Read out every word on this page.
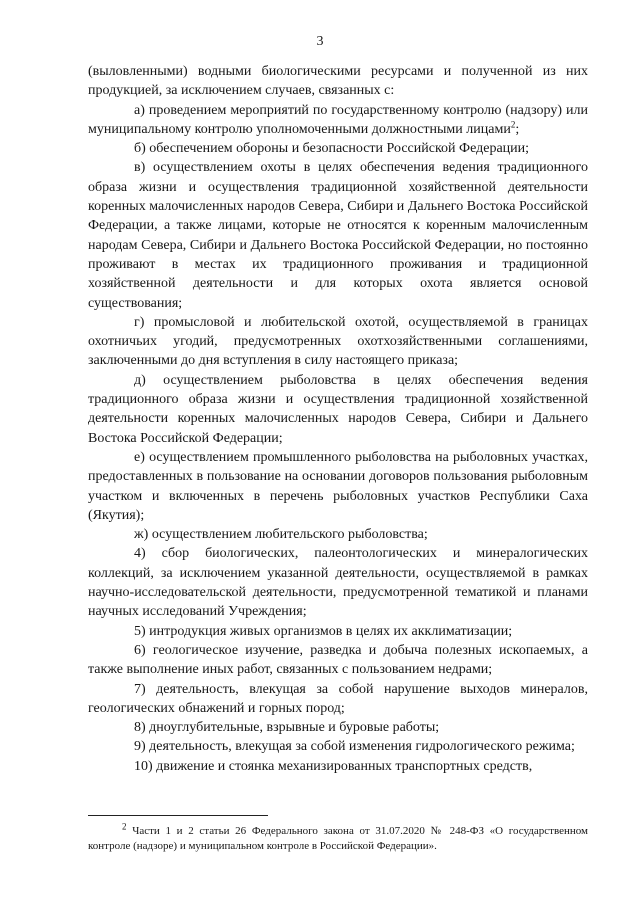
3

(выловленными) водными биологическими ресурсами и полученной из них продукцией, за исключением случаев, связанных с:

а) проведением мероприятий по государственному контролю (надзору) или муниципальному контролю уполномоченными должностными лицами$^2$;

б) обеспечением обороны и безопасности Российской Федерации;

в) осуществлением охоты в целях обеспечения ведения традиционного образа жизни и осуществления традиционной хозяйственной деятельности коренных малочисленных народов Севера, Сибири и Дальнего Востока Российской Федерации, а также лицами, которые не относятся к коренным малочисленным народам Севера, Сибири и Дальнего Востока Российской Федерации, но постоянно проживают в местах их традиционного проживания и традиционной хозяйственной деятельности и для которых охота является основой существования;

г) промысловой и любительской охотой, осуществляемой в границах охотничьих угодий, предусмотренных охотхозяйственными соглашениями, заключенными до дня вступления в силу настоящего приказа;

д) осуществлением рыболовства в целях обеспечения ведения традиционного образа жизни и осуществления традиционной хозяйственной деятельности коренных малочисленных народов Севера, Сибири и Дальнего Востока Российской Федерации;

е) осуществлением промышленного рыболовства на рыболовных участках, предоставленных в пользование на основании договоров пользования рыболовным участком и включенных в перечень рыболовных участков Республики Саха (Якутия);

ж) осуществлением любительского рыболовства;

4) сбор биологических, палеонтологических и минералогических коллекций, за исключением указанной деятельности, осуществляемой в рамках научно-исследовательской деятельности, предусмотренной тематикой и планами научных исследований Учреждения;

5) интродукция живых организмов в целях их акклиматизации;

6) геологическое изучение, разведка и добыча полезных ископаемых, а также выполнение иных работ, связанных с пользованием недрами;

7) деятельность, влекущая за собой нарушение выходов минералов, геологических обнажений и горных пород;

8) дноуглубительные, взрывные и буровые работы;

9) деятельность, влекущая за собой изменения гидрологического режима;

10) движение и стоянка механизированных транспортных средств,

$^2$ Части 1 и 2 статьи 26 Федерального закона от 31.07.2020 № 248-ФЗ «О государственном контроле (надзоре) и муниципальном контроле в Российской Федерации».
